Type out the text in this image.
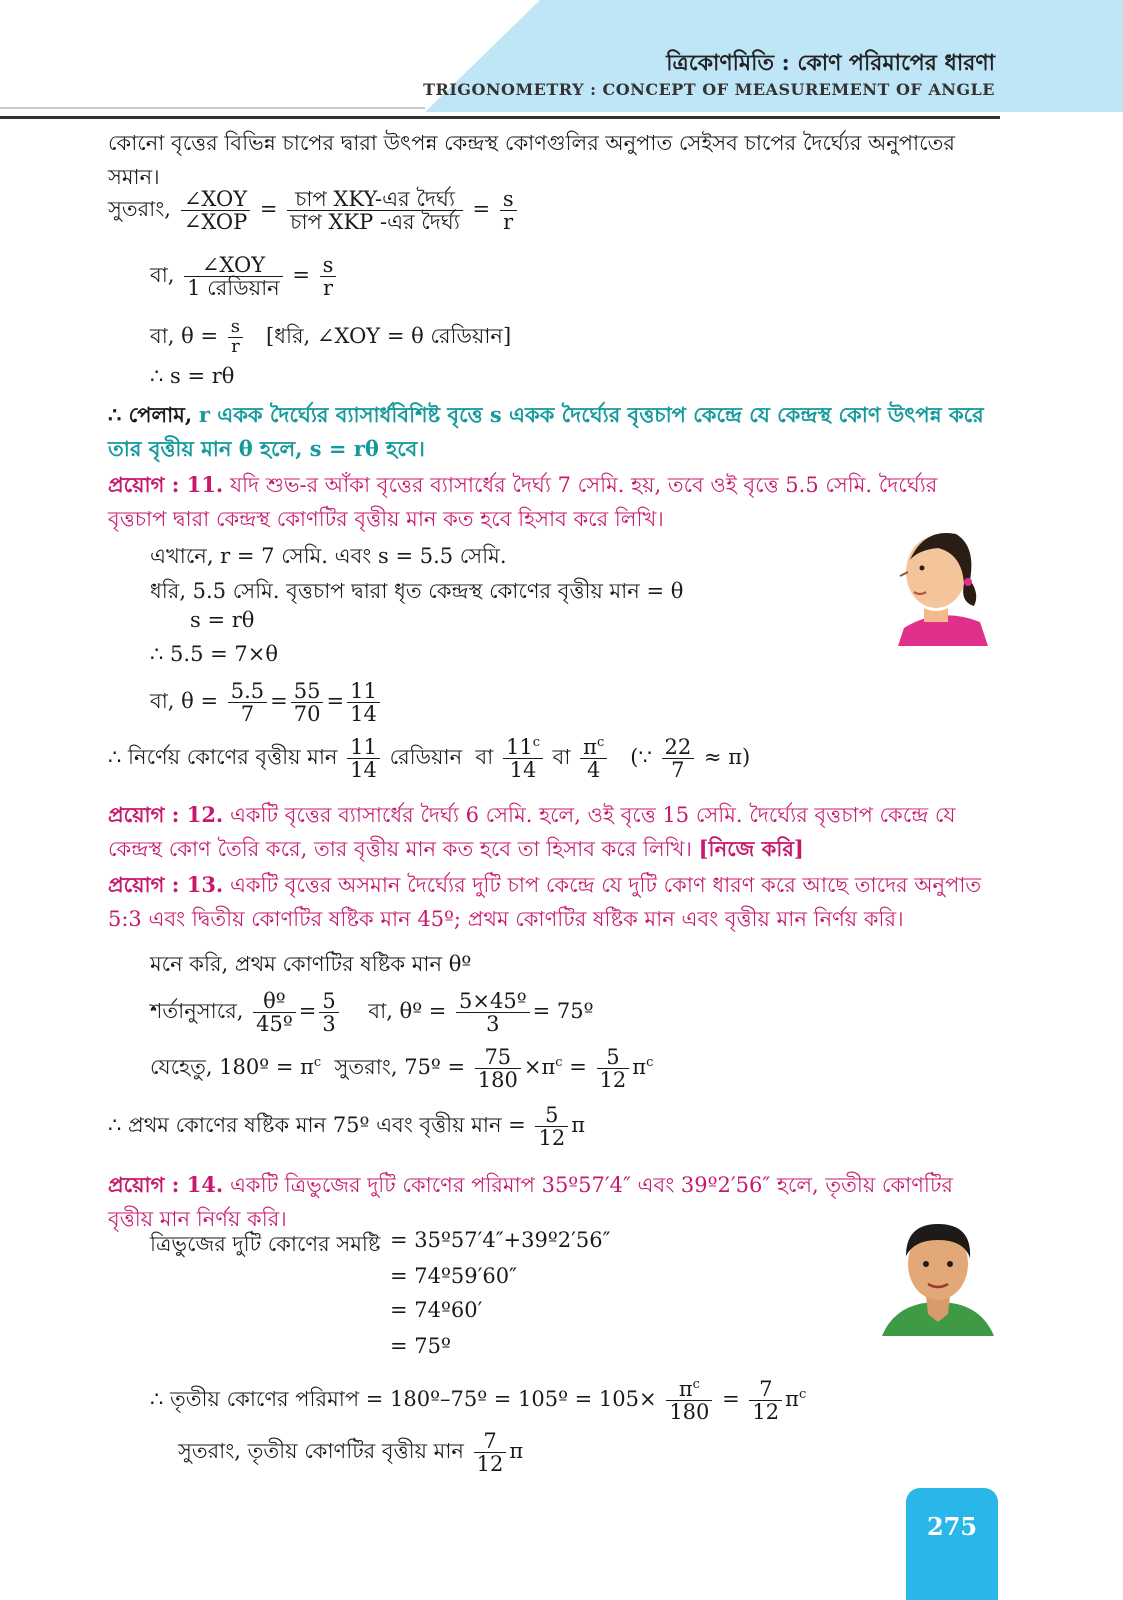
ত্রিকোণমিতি : কোণ পরিমাপের ধারণা
TRIGONOMETRY : CONCEPT OF MEASUREMENT OF ANGLE
কোনো বৃত্তের বিভিন্ন চাপের দ্বারা উৎপন্ন কেন্দ্রস্থ কোণগুলির অনুপাত সেইসব চাপের দৈর্ঘ্যের অনুপাতের সমান।
সুতরাং, $\frac{\text{∠XOY}}{\text{∠XOP}} = \frac{\text{চাপ XKY-এর দৈর্ঘ্য}}{\text{চাপ XKP -এর দৈর্ঘ্য}} = \frac{s}{r}$
বা, $\frac{\text{∠XOY}}{\text{1 রেডিয়ান}} = \frac{s}{r}$
বা, $\theta = \frac{s}{r}$ [ধরি, ∠XOY = θ রেডিয়ান]
∴ s = rθ
∴ পেলাম, r একক দৈর্ঘ্যের ব্যাসার্ধবিশিষ্ট বৃত্তে s একক দৈর্ঘ্যের বৃত্তচাপ কেন্দ্রে যে কেন্দ্রস্থ কোণ উৎপন্ন করে তার বৃত্তীয় মান θ হলে, s = rθ হবে।
প্রয়োগ : 11. যদি শুভ-র আঁকা বৃত্তের ব্যাসার্ধের দৈর্ঘ্য 7 সেমি. হয়, তবে ওই বৃত্তে 5.5 সেমি. দৈর্ঘ্যের বৃত্তচাপ দ্বারা কেন্দ্রস্থ কোণটির বৃত্তীয় মান কত হবে হিসাব করে লিখি।
এখানে, r = 7 সেমি. এবং s = 5.5 সেমি.
ধরি, 5.5 সেমি. বৃত্তচাপ দ্বারা ধৃত কেন্দ্রস্থ কোণের বৃত্তীয় মান = θ
s = rθ
∴ 5.5 = 7×θ
বা, $\theta = \frac{5.5}{7} = \frac{55}{70} = \frac{11}{14}$
∴ নির্ণেয় কোণের বৃত্তীয় মান $\frac{11}{14}$ রেডিয়ান বা $\frac{11^c}{14}$ বা $\frac{\pi^c}{4}$ (∵ $\frac{22}{7} \approx \pi$)
প্রয়োগ : 12. একটি বৃত্তের ব্যাসার্ধের দৈর্ঘ্য 6 সেমি. হলে, ওই বৃত্তে 15 সেমি. দৈর্ঘ্যের বৃত্তচাপ কেন্দ্রে যে কেন্দ্রস্থ কোণ তৈরি করে, তার বৃত্তীয় মান কত হবে তা হিসাব করে লিখি। [নিজে করি]
প্রয়োগ : 13. একটি বৃত্তের অসমান দৈর্ঘ্যের দুটি চাপ কেন্দ্রে যে দুটি কোণ ধারণ করে আছে তাদের অনুপাত 5:3 এবং দ্বিতীয় কোণটির ষষ্টিক মান 45º; প্রথম কোণটির ষষ্টিক মান এবং বৃত্তীয় মান নির্ণয় করি।
মনে করি, প্রথম কোণটির ষষ্টিক মান θº
শর্তানুসারে, $\frac{\text{θº}}{\text{45º}} = \frac{5}{3}$ বা, θº = $\frac{\text{5×45º}}{3}$ = 75º
যেহেতু, 180º = $\pi^c$ সুতরাং, 75º = $\frac{75}{180} \times\pi^c = \frac{5}{12} \pi^c$
∴ প্রথম কোণের ষষ্টিক মান 75º এবং বৃত্তীয় মান = $\frac{5}{12}$ π
প্রয়োগ : 14. একটি ত্রিভুজের দুটি কোণের পরিমাপ 35º57′4″ এবং 39º2′56″ হলে, তৃতীয় কোণটির বৃত্তীয় মান নির্ণয় করি।
ত্রিভুজের দুটি কোণের সমষ্টি = 35º57′4″+39º2′56″
= 74º59′60″
= 74º60′
= 75º
∴ তৃতীয় কোণের পরিমাপ = 180º–75º = 105º = $105\times \frac{\pi^c}{180} = \frac{7}{12} \pi^c$
সুতরাং, তৃতীয় কোণটির বৃত্তীয় মান $\frac{7}{12}$ π
275
